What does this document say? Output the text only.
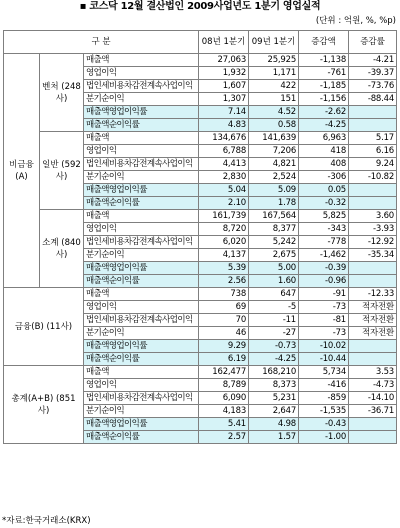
▪ 코스닥 12월 결산법인 2009사업년도 1분기 영업실적
(단위 : 억원, %, %p)
구 분			08년 1분기	09년 1분기	증감액	증감률
비금융(A)	벤처 (248사)	매출액	27,063	25,925	-1,138	-4.21
		영업이익	1,932	1,171	-761	-39.37
		법인세비용차감전계속사업이익	1,607	422	-1,185	-73.76
		분기순이익	1,307	151	-1,156	-88.44
		매출액영업이익률	7.14	4.52	-2.62	
		매출액순이익률	4.83	0.58	-4.25	
	일반 (592사)	매출액	134,676	141,639	6,963	5.17
		영업이익	6,788	7,206	418	6.16
		법인세비용차감전계속사업이익	4,413	4,821	408	9.24
		분기순이익	2,830	2,524	-306	-10.82
		매출액영업이익률	5.04	5.09	0.05	
		매출액순이익률	2.10	1.78	-0.32	
	소계 (840사)	매출액	161,739	167,564	5,825	3.60
		영업이익	8,720	8,377	-343	-3.93
		법인세비용차감전계속사업이익	6,020	5,242	-778	-12.92
		분기순이익	4,137	2,675	-1,462	-35.34
		매출액영업이익률	5.39	5.00	-0.39	
		매출액순이익률	2.56	1.60	-0.96	
금융(B) (11사)		매출액	738	647	-91	-12.33
		영업이익	69	-5	-73	적자전환
		법인세비용차감전계속사업이익	70	-11	-81	적자전환
		분기순이익	46	-27	-73	적자전환
		매출액영업이익률	9.29	-0.73	-10.02	
		매출액순이익률	6.19	-4.25	-10.44	
총계(A+B) (851사)		매출액	162,477	168,210	5,734	3.53
		영업이익	8,789	8,373	-416	-4.73
		법인세비용차감전계속사업이익	6,090	5,231	-859	-14.10
		분기순이익	4,183	2,647	-1,535	-36.71
		매출액영업이익률	5.41	4.98	-0.43	
		매출액순이익률	2.57	1.57	-1.00	
*자료:한국거래소(KRX)
